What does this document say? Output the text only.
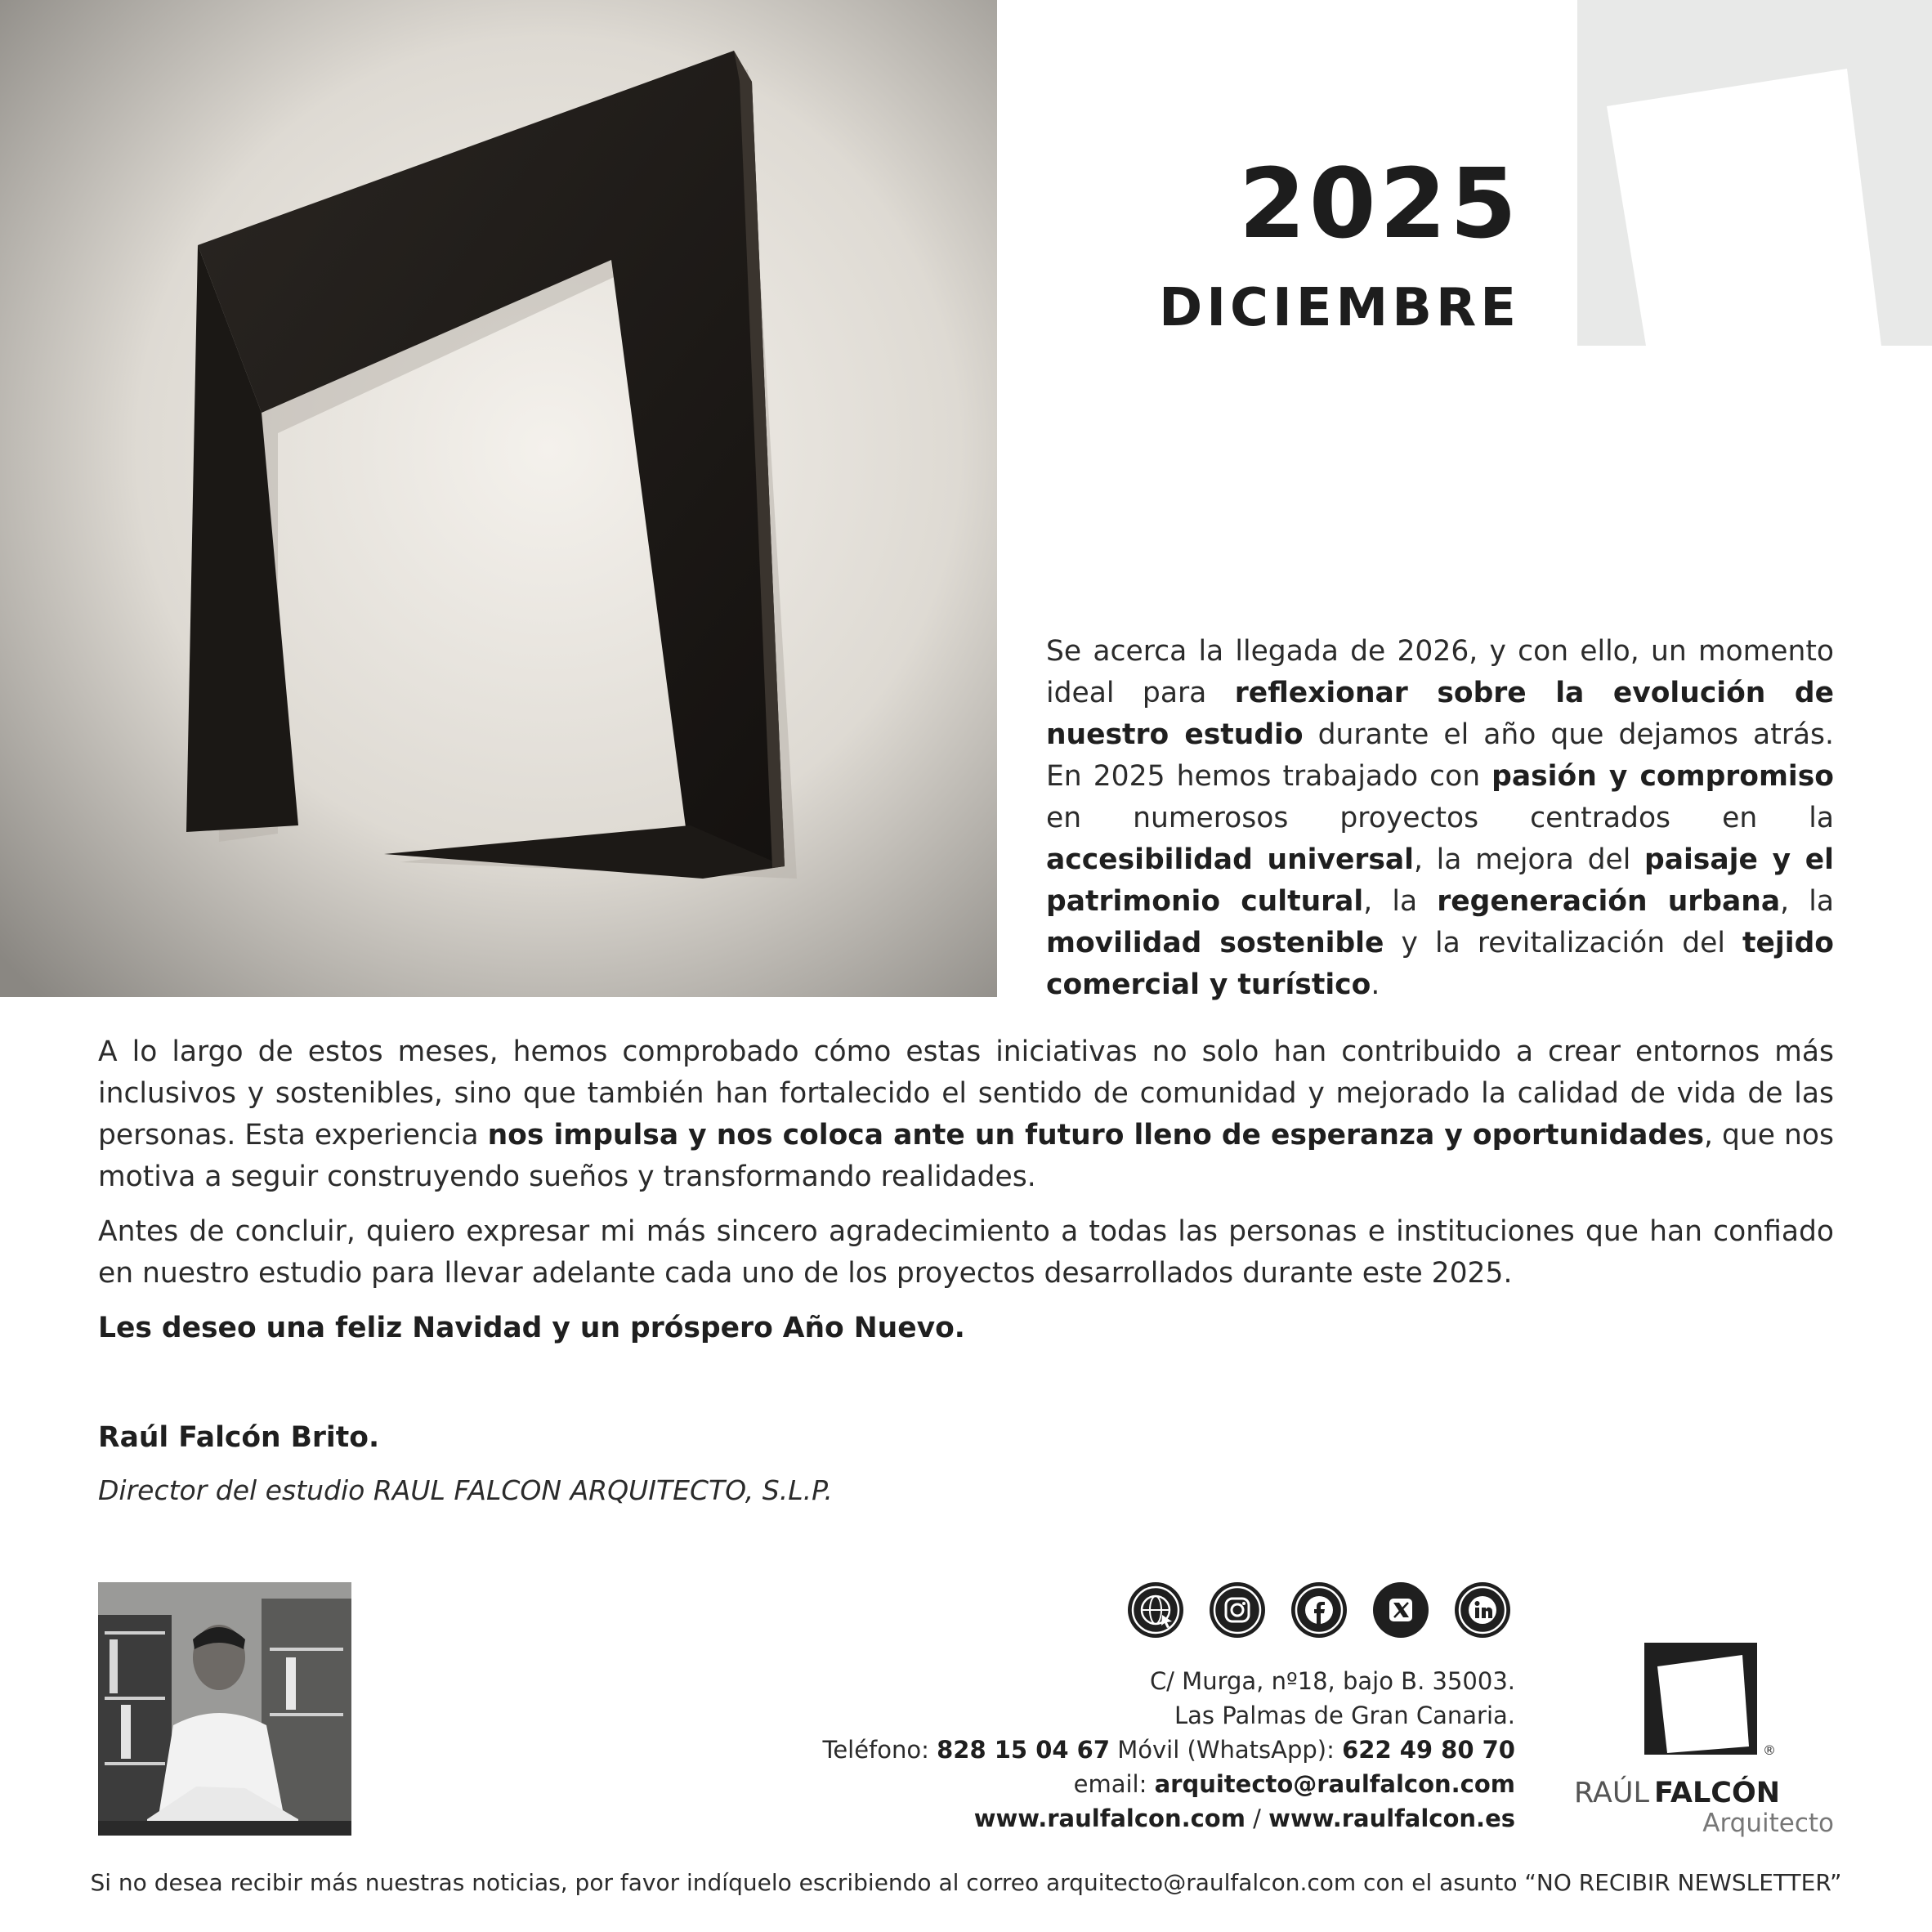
2025
DICIEMBRE

Se acerca la llegada de 2026, y con ello, un momento ideal para reflexionar sobre la evolución de nuestro estudio durante el año que dejamos atrás. En 2025 hemos trabajado con pasión y compromiso en numerosos proyectos centrados en la accesibilidad universal, la mejora del paisaje y el patrimonio cultural, la regeneración urbana, la movilidad sostenible y la revitalización del tejido comercial y turístico.

A lo largo de estos meses, hemos comprobado cómo estas iniciativas no solo han contribuido a crear entornos más inclusivos y sostenibles, sino que también han fortalecido el sentido de comunidad y mejorado la calidad de vida de las personas. Esta experiencia nos impulsa y nos coloca ante un futuro lleno de esperanza y oportunidades, que nos motiva a seguir construyendo sueños y transformando realidades.

Antes de concluir, quiero expresar mi más sincero agradecimiento a todas las personas e instituciones que han confiado en nuestro estudio para llevar adelante cada uno de los proyectos desarrollados durante este 2025.

Les deseo una feliz Navidad y un próspero Año Nuevo.
Raúl Falcón Brito.
Director del estudio RAUL FALCON ARQUITECTO, S.L.P.
C/ Murga, nº18, bajo B. 35003.
Las Palmas de Gran Canaria.
Teléfono: 828 15 04 67 Móvil (WhatsApp): 622 49 80 70
email: arquitecto@raulfalcon.com
www.raulfalcon.com / www.raulfalcon.es
®
RAÚL FALCÓN
Arquitecto
Si no desea recibir más nuestras noticias, por favor indíquelo escribiendo al correo arquitecto@raulfalcon.com con el asunto “NO RECIBIR NEWSLETTER”
